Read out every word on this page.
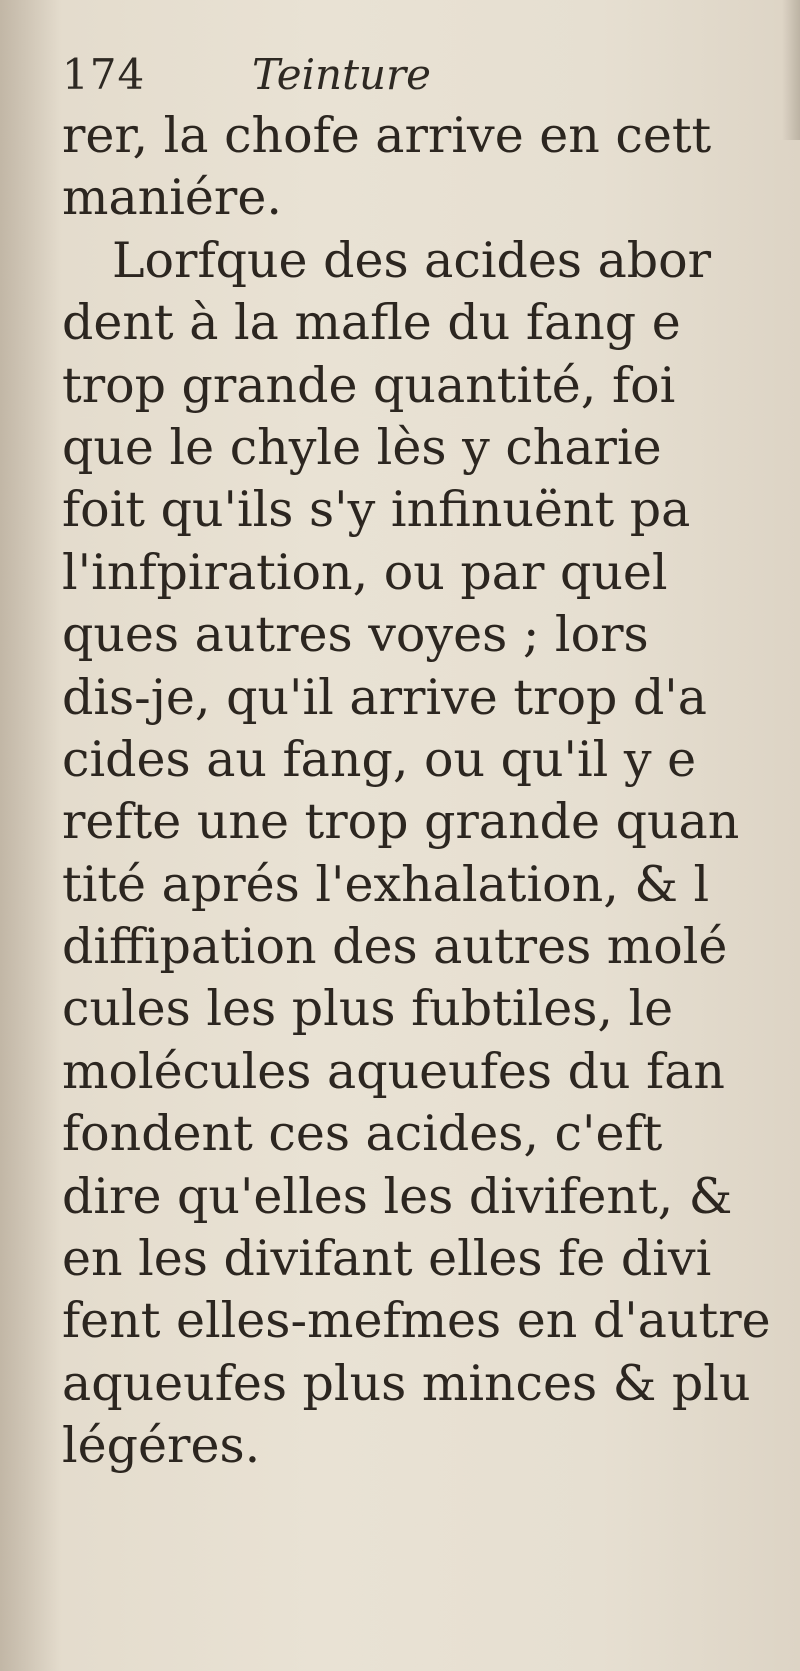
174	Teinture
rer, la chofe arrive en cett
maniére.
Lorfque des acides abor
dent à la mafle du fang e
trop grande quantité, foi
que le chyle lès y charie
foit qu'ils s'y infinuënt pa
l'infpiration, ou par quel
ques autres voyes ; lors
dis-je, qu'il arrive trop d'a
cides au fang, ou qu'il y e
refte une trop grande quan
tité aprés l'exhalation, & l
diffipation des autres molé
cules les plus fubtiles, le
molécules aqueufes du fan
fondent ces acides, c'eft
dire qu'elles les divifent, &
en les divifant elles fe divi
fent elles-mefmes en d'autre
aqueufes plus minces & plu
légéres.
